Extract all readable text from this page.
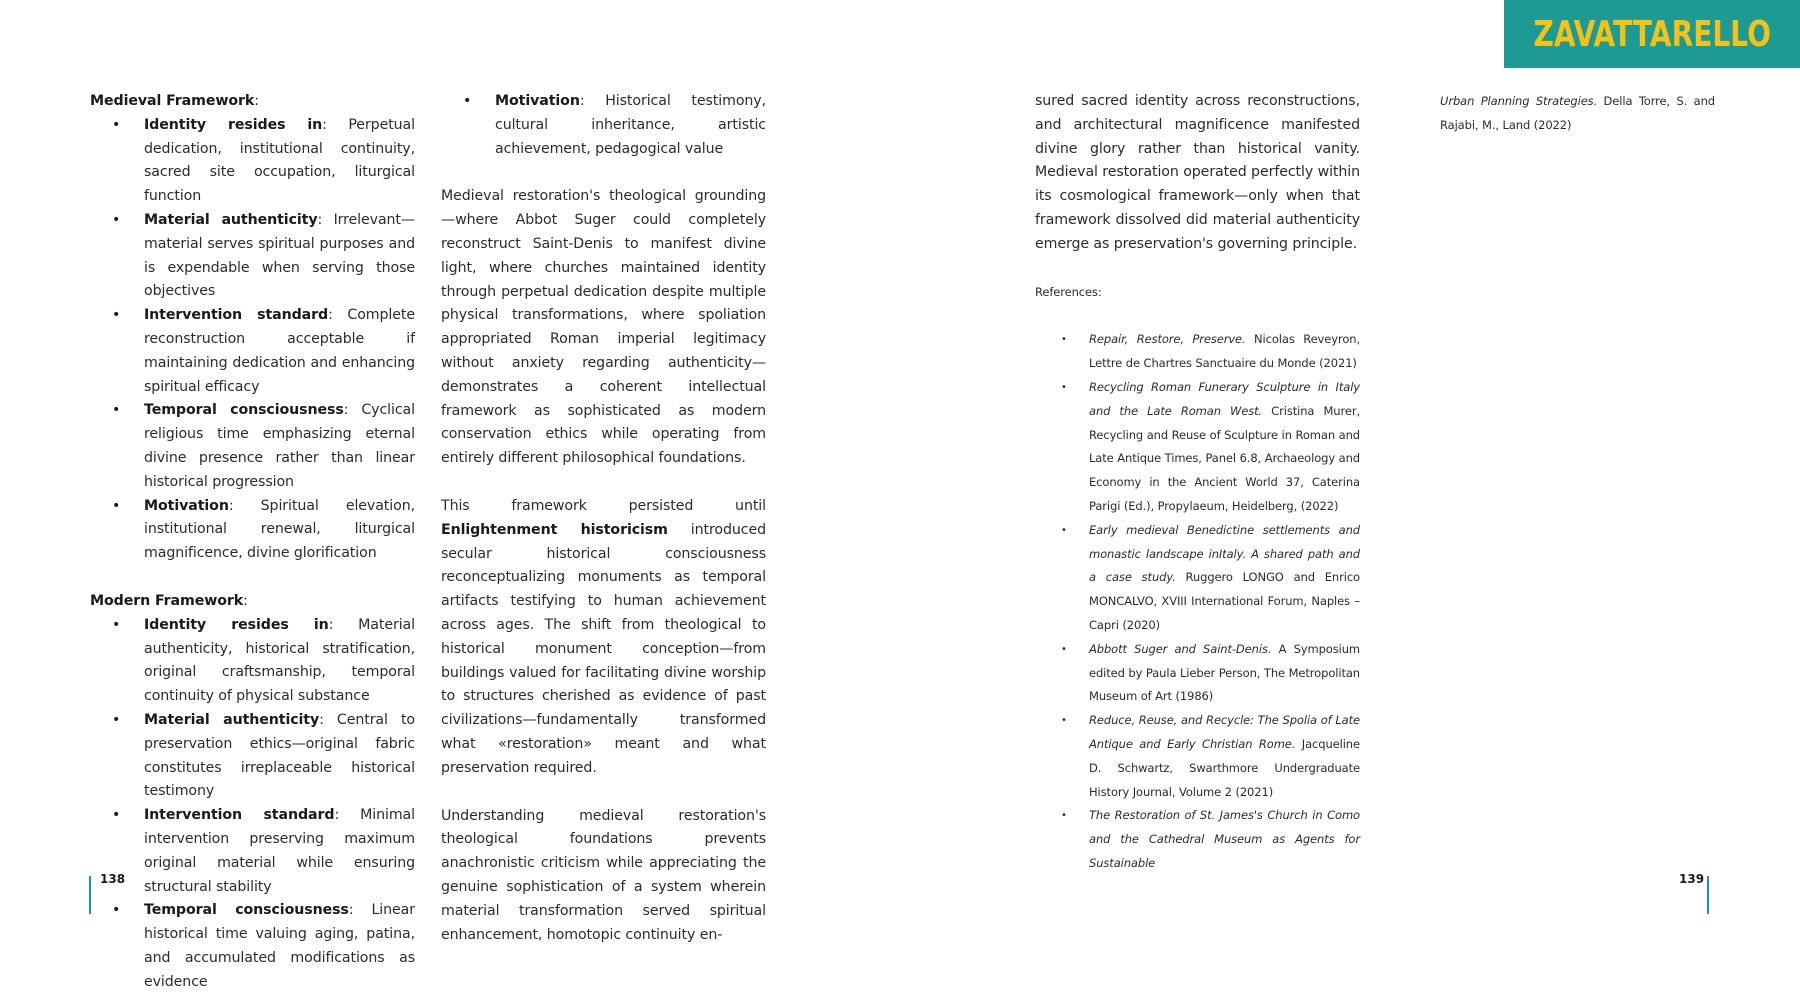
ZAVATTARELLO

Medieval Framework:

• Identity resides in: Perpetual dedication, institutional continuity, sacred site occupation, liturgical function
• Material authenticity: Irrelevant—material serves spiritual purposes and is expendable when serving those objectives
• Intervention standard: Complete reconstruction acceptable if maintaining dedication and enhancing spiritual efficacy
• Temporal consciousness: Cyclical religious time emphasizing eternal divine presence rather than linear historical progression
• Motivation: Spiritual elevation, institutional renewal, liturgical magnificence, divine glorification

Modern Framework:

• Identity resides in: Material authenticity, historical stratification, original craftsmanship, temporal continuity of physical substance
• Material authenticity: Central to preservation ethics—original fabric constitutes irreplaceable historical testimony
• Intervention standard: Minimal intervention preserving maximum original material while ensuring structural stability
• Temporal consciousness: Linear historical time valuing aging, patina, and accumulated modifications as evidence
• Motivation: Historical testimony, cultural inheritance, artistic achievement, pedagogical value

Medieval restoration's theological grounding—where Abbot Suger could completely reconstruct Saint-Denis to manifest divine light, where churches maintained identity through perpetual dedication despite multiple physical transformations, where spoliation appropriated Roman imperial legitimacy without anxiety regarding authenticity—demonstrates a coherent intellectual framework as sophisticated as modern conservation ethics while operating from entirely different philosophical foundations.

This framework persisted until Enlightenment historicism introduced secular historical consciousness reconceptualizing monuments as temporal artifacts testifying to human achievement across ages. The shift from theological to historical monument conception—from buildings valued for facilitating divine worship to structures cherished as evidence of past civilizations—fundamentally transformed what «restoration» meant and what preservation required.

Understanding medieval restoration's theological foundations prevents anachronistic criticism while appreciating the genuine sophistication of a system wherein material transformation served spiritual enhancement, homotopic continuity en-

138

sured sacred identity across reconstructions, and architectural magnificence manifested divine glory rather than historical vanity. Medieval restoration operated perfectly within its cosmological framework—only when that framework dissolved did material authenticity emerge as preservation's governing principle.

References:

• Repair, Restore, Preserve. Nicolas Reveyron, Lettre de Chartres Sanctuaire du Monde (2021)
• Recycling Roman Funerary Sculpture in Italy and the Late Roman West. Cristina Murer, Recycling and Reuse of Sculpture in Roman and Late Antique Times, Panel 6.8, Archaeology and Economy in the Ancient World 37, Caterina Parigi (Ed.), Propylaeum, Heidelberg, (2022)
• Early medieval Benedictine settlements and monastic landscape inItaly. A shared path and a case study. Ruggero LONGO and Enrico MONCALVO, XVIII International Forum, Naples – Capri (2020)
• Abbott Suger and Saint-Denis. A Symposium edited by Paula Lieber Person, The Metropolitan Museum of Art (1986)
• Reduce, Reuse, and Recycle: The Spolia of Late Antique and Early Christian Rome. Jacqueline D. Schwartz, Swarthmore Undergraduate History Journal, Volume 2 (2021)
• The Restoration of St. James's Church in Como and the Cathedral Museum as Agents for Sustainable

Urban Planning Strategies. Della Torre, S. and Rajabi, M., Land (2022)

139
